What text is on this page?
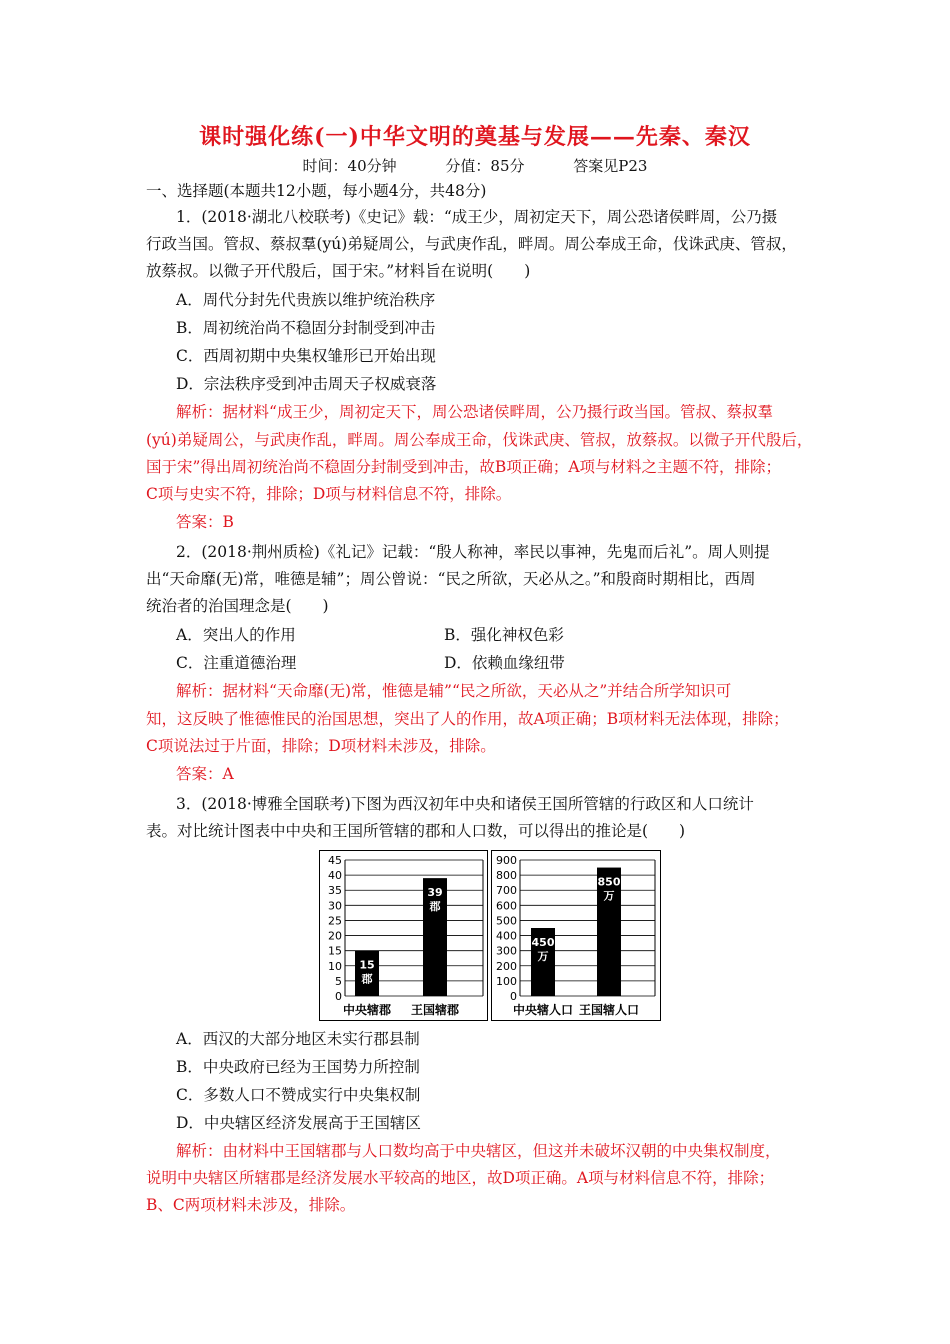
课时强化练(一)中华文明的奠基与发展——先秦、秦汉
时间：40分钟	分值：85分	答案见P23
一、选择题(本题共12小题，每小题4分，共48分)
1．(2018·湖北八校联考)《史记》载：“成王少，周初定天下，周公恐诸侯畔周，公乃摄
行政当国。管叔、蔡叔羣(yú)弟疑周公，与武庚作乱，畔周。周公奉成王命，伐诛武庚、管叔，
放蔡叔。以微子开代殷后，国于宋。”材料旨在说明(　　)
A．周代分封先代贵族以维护统治秩序
B．周初统治尚不稳固分封制受到冲击
C．西周初期中央集权雏形已开始出现
D．宗法秩序受到冲击周天子权威衰落
解析：据材料“成王少，周初定天下，周公恐诸侯畔周，公乃摄行政当国。管叔、蔡叔羣
(yú)弟疑周公，与武庚作乱，畔周。周公奉成王命，伐诛武庚、管叔，放蔡叔。以微子开代殷后，
国于宋”得出周初统治尚不稳固分封制受到冲击，故B项正确；A项与材料之主题不符，排除；
C项与史实不符，排除；D项与材料信息不符，排除。
答案：B
2．(2018·荆州质检)《礼记》记载：“殷人称神，率民以事神，先鬼而后礼”。周人则提
出“天命靡(无)常，唯德是辅”；周公曾说：“民之所欲，天必从之。”和殷商时期相比，西周
统治者的治国理念是(　　)
A．突出人的作用	B．强化神权色彩
C．注重道德治理	D．依赖血缘纽带
解析：据材料“天命靡(无)常，惟德是辅”“民之所欲，天必从之”并结合所学知识可
知，这反映了惟德惟民的治国思想，突出了人的作用，故A项正确；B项材料无法体现，排除；
C项说法过于片面，排除；D项材料未涉及，排除。
答案：A
3．(2018·博雅全国联考)下图为西汉初年中央和诸侯王国所管辖的行政区和人口统计
表。对比统计图表中中央和王国所管辖的郡和人口数，可以得出的推论是(　　)
0
5
10
15
20
25
30
35
40
45
15
郡
中央辖郡
39
郡
王国辖郡
0
100
200
300
400
500
600
700
800
900
450
万
中央辖人口
850
万
王国辖人口
A．西汉的大部分地区未实行郡县制
B．中央政府已经为王国势力所控制
C．多数人口不赞成实行中央集权制
D．中央辖区经济发展高于王国辖区
解析：由材料中王国辖郡与人口数均高于中央辖区，但这并未破坏汉朝的中央集权制度，
说明中央辖区所辖郡是经济发展水平较高的地区，故D项正确。A项与材料信息不符，排除；
B、C两项材料未涉及，排除。
